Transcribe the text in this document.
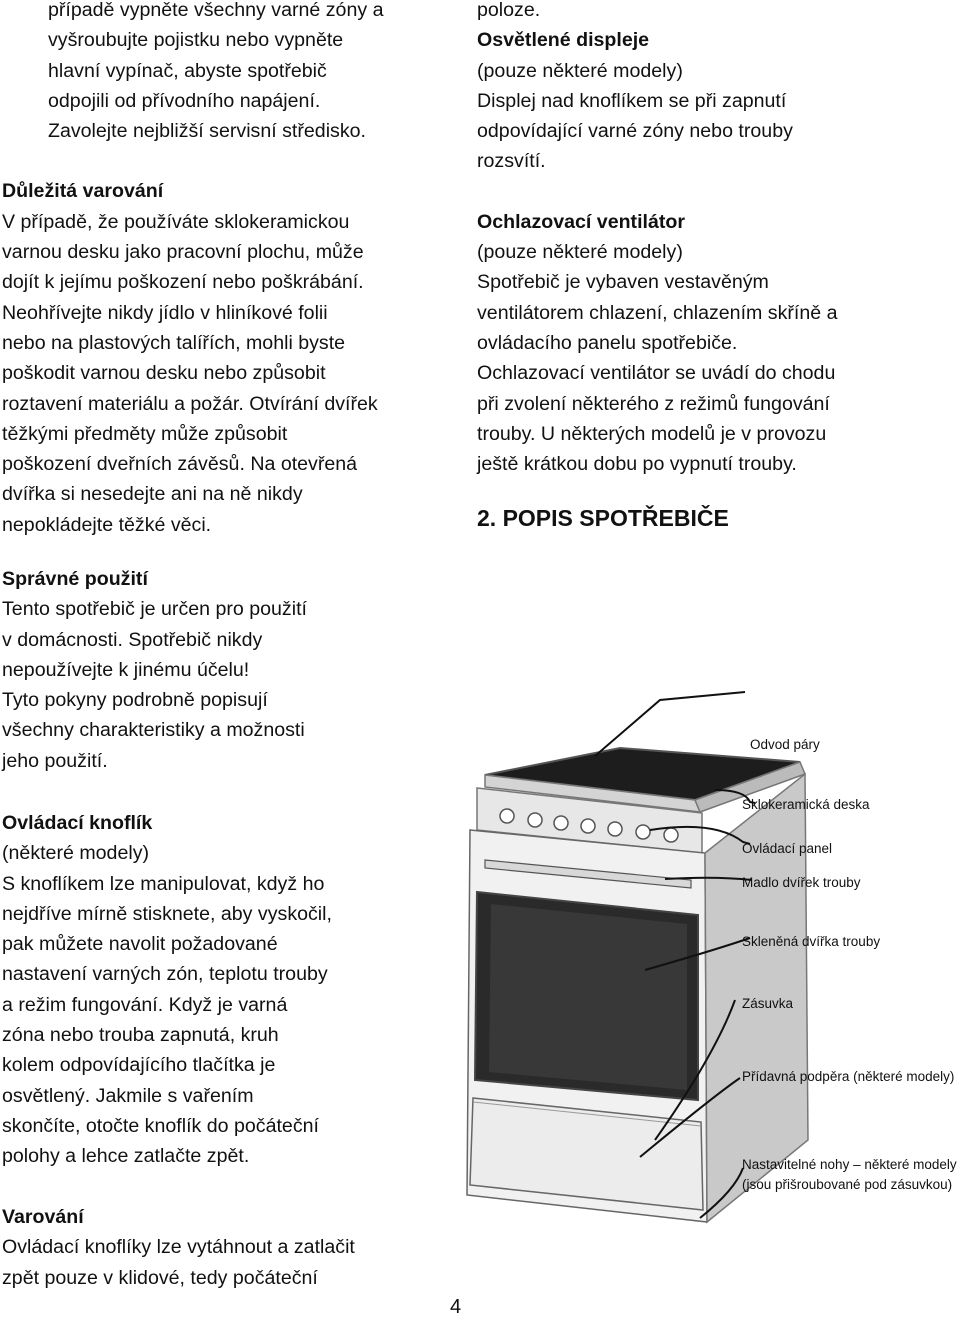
případě vypněte všechny varné zóny a

vyšroubujte pojistku nebo vypněte

hlavní vypínač, abyste spotřebič

odpojili od přívodního napájení.

Zavolejte nejbližší servisní středisko.

Důležitá varování

V případě, že používáte sklokeramickou

varnou desku jako pracovní plochu, může

dojít k jejímu poškození nebo poškrábání.

Neohřívejte nikdy jídlo v hliníkové folii

nebo na plastových talířích, mohli byste

poškodit varnou desku nebo způsobit

roztavení materiálu a požár. Otvírání dvířek

těžkými předměty může způsobit

poškození dveřních závěsů. Na otevřená

dvířka si nesedejte ani na ně nikdy

nepokládejte těžké věci.

Správné použití

Tento spotřebič je určen pro použití

v domácnosti. Spotřebič nikdy

nepoužívejte k jinému účelu!

Tyto pokyny podrobně popisují

všechny charakteristiky a možnosti

jeho použití.

Ovládací knoflík

(některé modely)

S knoflíkem lze manipulovat, když ho

nejdříve mírně stisknete, aby vyskočil,

pak můžete navolit požadované

nastavení varných zón, teplotu trouby

a režim fungování. Když je varná

zóna nebo trouba zapnutá, kruh

kolem odpovídajícího tlačítka je

osvětlený. Jakmile s vařením

skončíte, otočte knoflík do počáteční

polohy a lehce zatlačte zpět.

Varování

Ovládací knoflíky lze vytáhnout a zatlačit

zpět pouze v klidové, tedy počáteční

poloze.

Osvětlené displeje

(pouze některé modely)

Displej nad knoflíkem se při zapnutí

odpovídající varné zóny nebo trouby

rozsvítí.

Ochlazovací ventilátor

(pouze některé modely)

Spotřebič je vybaven vestavěným

ventilátorem chlazení, chlazením skříně a

ovládacího panelu spotřebiče.

Ochlazovací ventilátor se uvádí do chodu

při zvolení některého z režimů fungování

trouby. U některých modelů je v provozu

ještě krátkou dobu po vypnutí trouby.

2. POPIS SPOTŘEBIČE
Odvod páry
Sklokeramická deska
Ovládací panel
Madlo dvířek trouby
Skleněná dvířka trouby
Zásuvka
Přídavná podpěra (některé modely)
Nastavitelné nohy – některé modely
(jsou přišroubované pod zásuvkou)
4
